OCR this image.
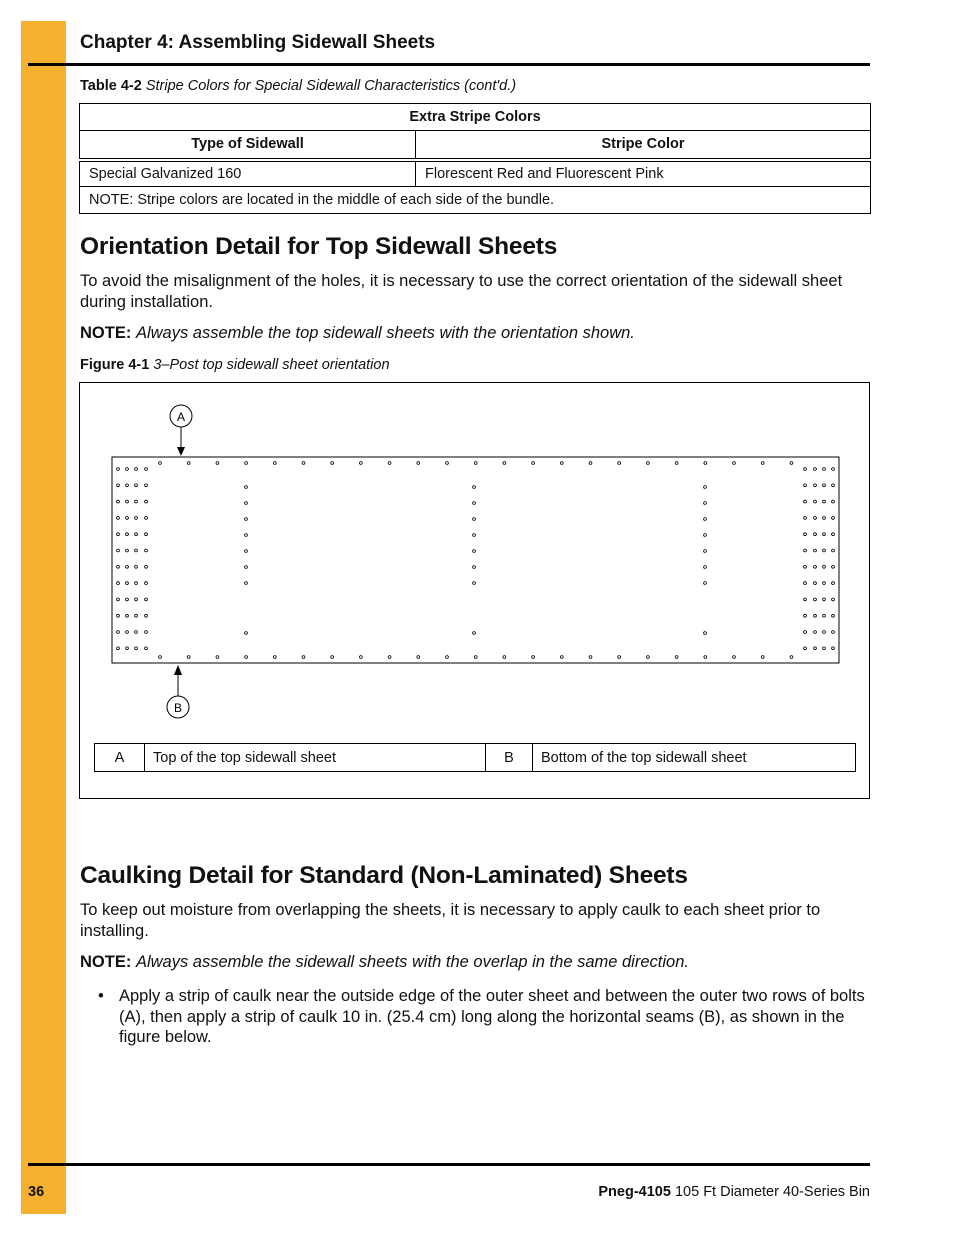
Chapter 4: Assembling Sidewall Sheets
Table 4-2 Stripe Colors for Special Sidewall Characteristics (cont'd.)
Extra Stripe Colors	
Type of Sidewall	Stripe Color
Special Galvanized 160	Florescent Red and Fluorescent Pink
NOTE: Stripe colors are located in the middle of each side of the bundle.	
Orientation Detail for Top Sidewall Sheets

To avoid the misalignment of the holes, it is necessary to use the correct orientation of the sidewall sheet during installation.

NOTE: Always assemble the top sidewall sheets with the orientation shown.

Figure 4-1 3–Post top sidewall sheet orientation
A
B
A	Top of the top sidewall sheet	B	Bottom of the top sidewall sheet
Caulking Detail for Standard (Non-Laminated) Sheets

To keep out moisture from overlapping the sheets, it is necessary to apply caulk to each sheet prior to installing.

NOTE: Always assemble the sidewall sheets with the overlap in the same direction.

• Apply a strip of caulk near the outside edge of the outer sheet and between the outer two rows of bolts (A), then apply a strip of caulk 10 in. (25.4 cm) long along the horizontal seams (B), as shown in the figure below.
36	Pneg-4105 105 Ft Diameter 40-Series Bin
